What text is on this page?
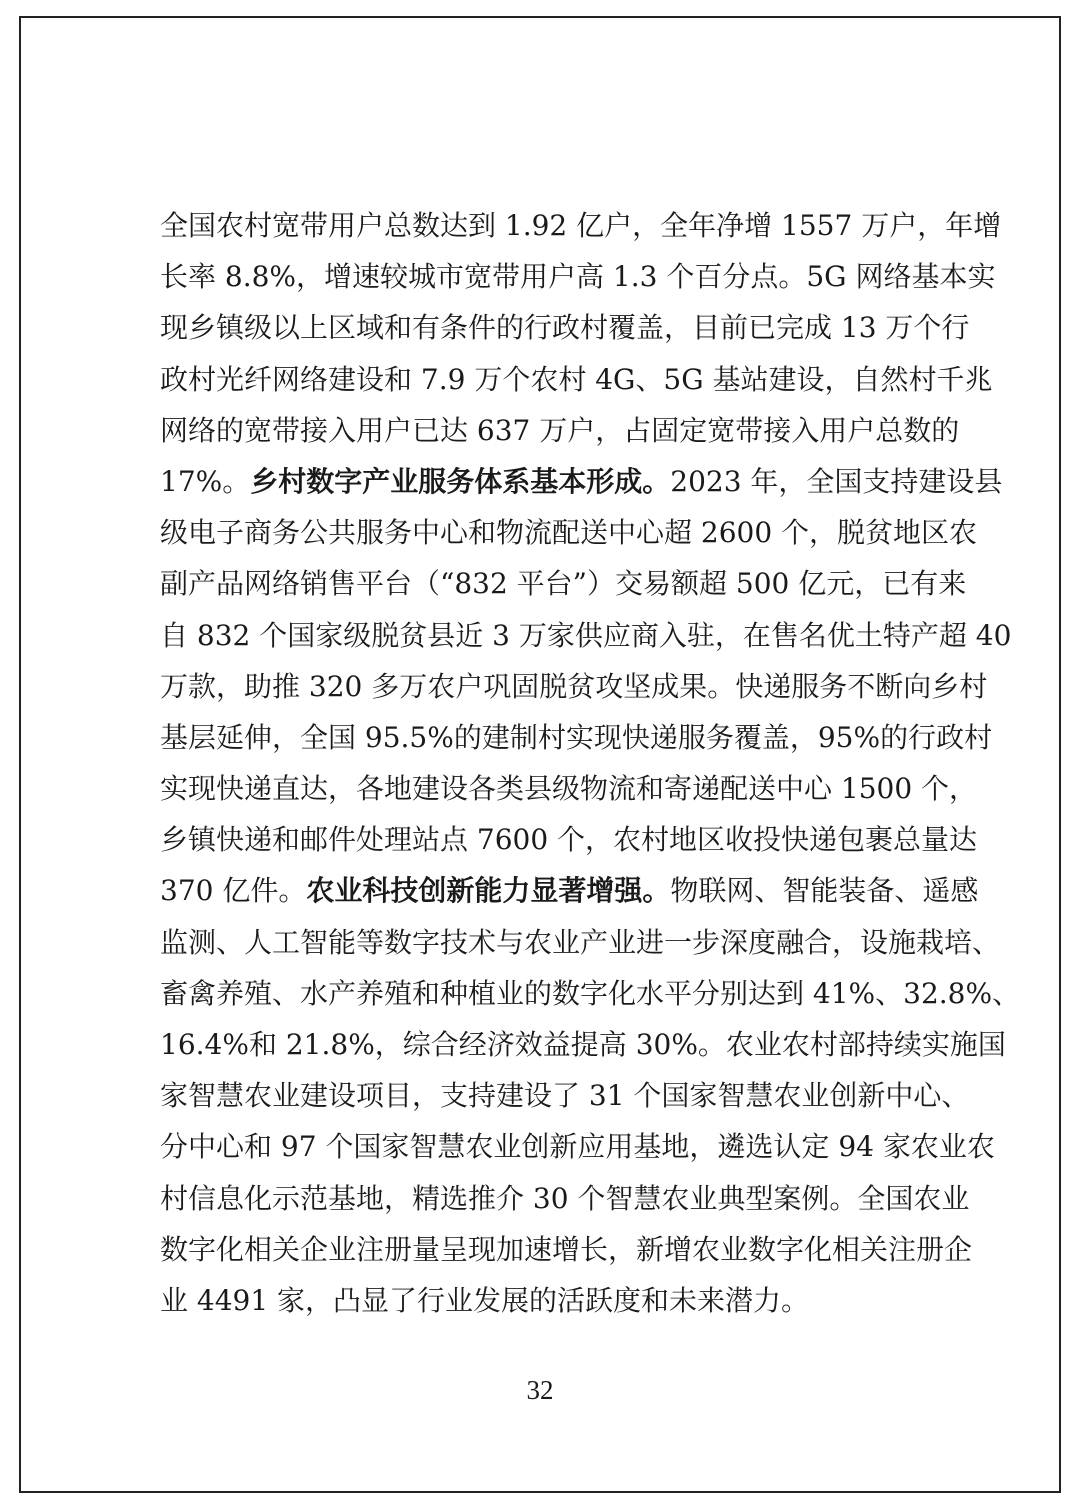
全国农村宽带用户总数达到 1.92 亿户，全年净增 1557 万户，年增
长率 8.8%，增速较城市宽带用户高 1.3 个百分点。5G 网络基本实
现乡镇级以上区域和有条件的行政村覆盖，目前已完成 13 万个行
政村光纤网络建设和 7.9 万个农村 4G、5G 基站建设，自然村千兆
网络的宽带接入用户已达 637 万户，占固定宽带接入用户总数的
17%。乡村数字产业服务体系基本形成。2023 年，全国支持建设县
级电子商务公共服务中心和物流配送中心超 2600 个，脱贫地区农
副产品网络销售平台（“832 平台”）交易额超 500 亿元，已有来
自 832 个国家级脱贫县近 3 万家供应商入驻，在售名优土特产超 40
万款，助推 320 多万农户巩固脱贫攻坚成果。快递服务不断向乡村
基层延伸，全国 95.5%的建制村实现快递服务覆盖，95%的行政村
实现快递直达，各地建设各类县级物流和寄递配送中心 1500 个，
乡镇快递和邮件处理站点 7600 个，农村地区收投快递包裹总量达
370 亿件。农业科技创新能力显著增强。物联网、智能装备、遥感
监测、人工智能等数字技术与农业产业进一步深度融合，设施栽培、
畜禽养殖、水产养殖和种植业的数字化水平分别达到 41%、32.8%、
16.4%和 21.8%，综合经济效益提高 30%。农业农村部持续实施国
家智慧农业建设项目，支持建设了 31 个国家智慧农业创新中心、
分中心和 97 个国家智慧农业创新应用基地，遴选认定 94 家农业农
村信息化示范基地，精选推介 30 个智慧农业典型案例。全国农业
数字化相关企业注册量呈现加速增长，新增农业数字化相关注册企
业 4491 家，凸显了行业发展的活跃度和未来潜力。
32
